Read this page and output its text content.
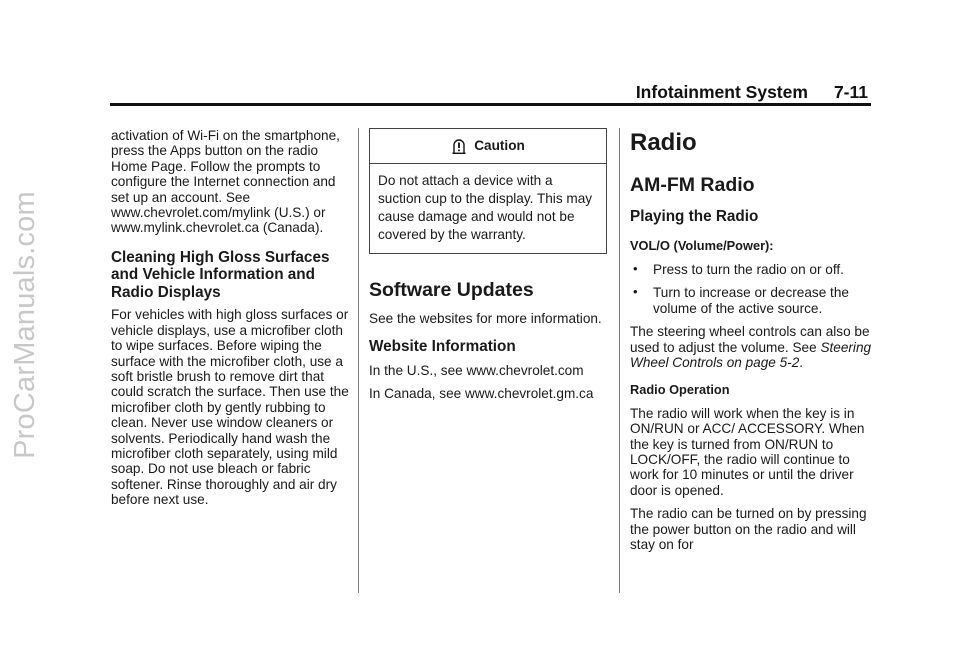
ProCarManuals.com
Infotainment System 7-11

activation of Wi-Fi on the smartphone, press the Apps button on the radio Home Page. Follow the prompts to configure the Internet connection and set up an account. See www.chevrolet.com/mylink (U.S.) or www.mylink.chevrolet.ca (Canada).

Cleaning High Gloss Surfaces and Vehicle Information and Radio Displays

For vehicles with high gloss surfaces or vehicle displays, use a microfiber cloth to wipe surfaces. Before wiping the surface with the microfiber cloth, use a soft bristle brush to remove dirt that could scratch the surface. Then use the microfiber cloth by gently rubbing to clean. Never use window cleaners or solvents. Periodically hand wash the microfiber cloth separately, using mild soap. Do not use bleach or fabric softener. Rinse thoroughly and air dry before next use.

Caution
Do not attach a device with a suction cup to the display. This may cause damage and would not be covered by the warranty.
Software Updates

See the websites for more information.

Website Information

In the U.S., see www.chevrolet.com

In Canada, see www.chevrolet.gm.ca

Radio
AM-FM Radio
Playing the Radio
VOL/O (Volume/Power):
• Press to turn the radio on or off.
• Turn to increase or decrease the volume of the active source.

The steering wheel controls can also be used to adjust the volume. See Steering Wheel Controls on page 5-2.

Radio Operation

The radio will work when the key is in ON/RUN or ACC/ ACCESSORY. When the key is turned from ON/RUN to LOCK/OFF, the radio will continue to work for 10 minutes or until the driver door is opened.

The radio can be turned on by pressing the power button on the radio and will stay on for
